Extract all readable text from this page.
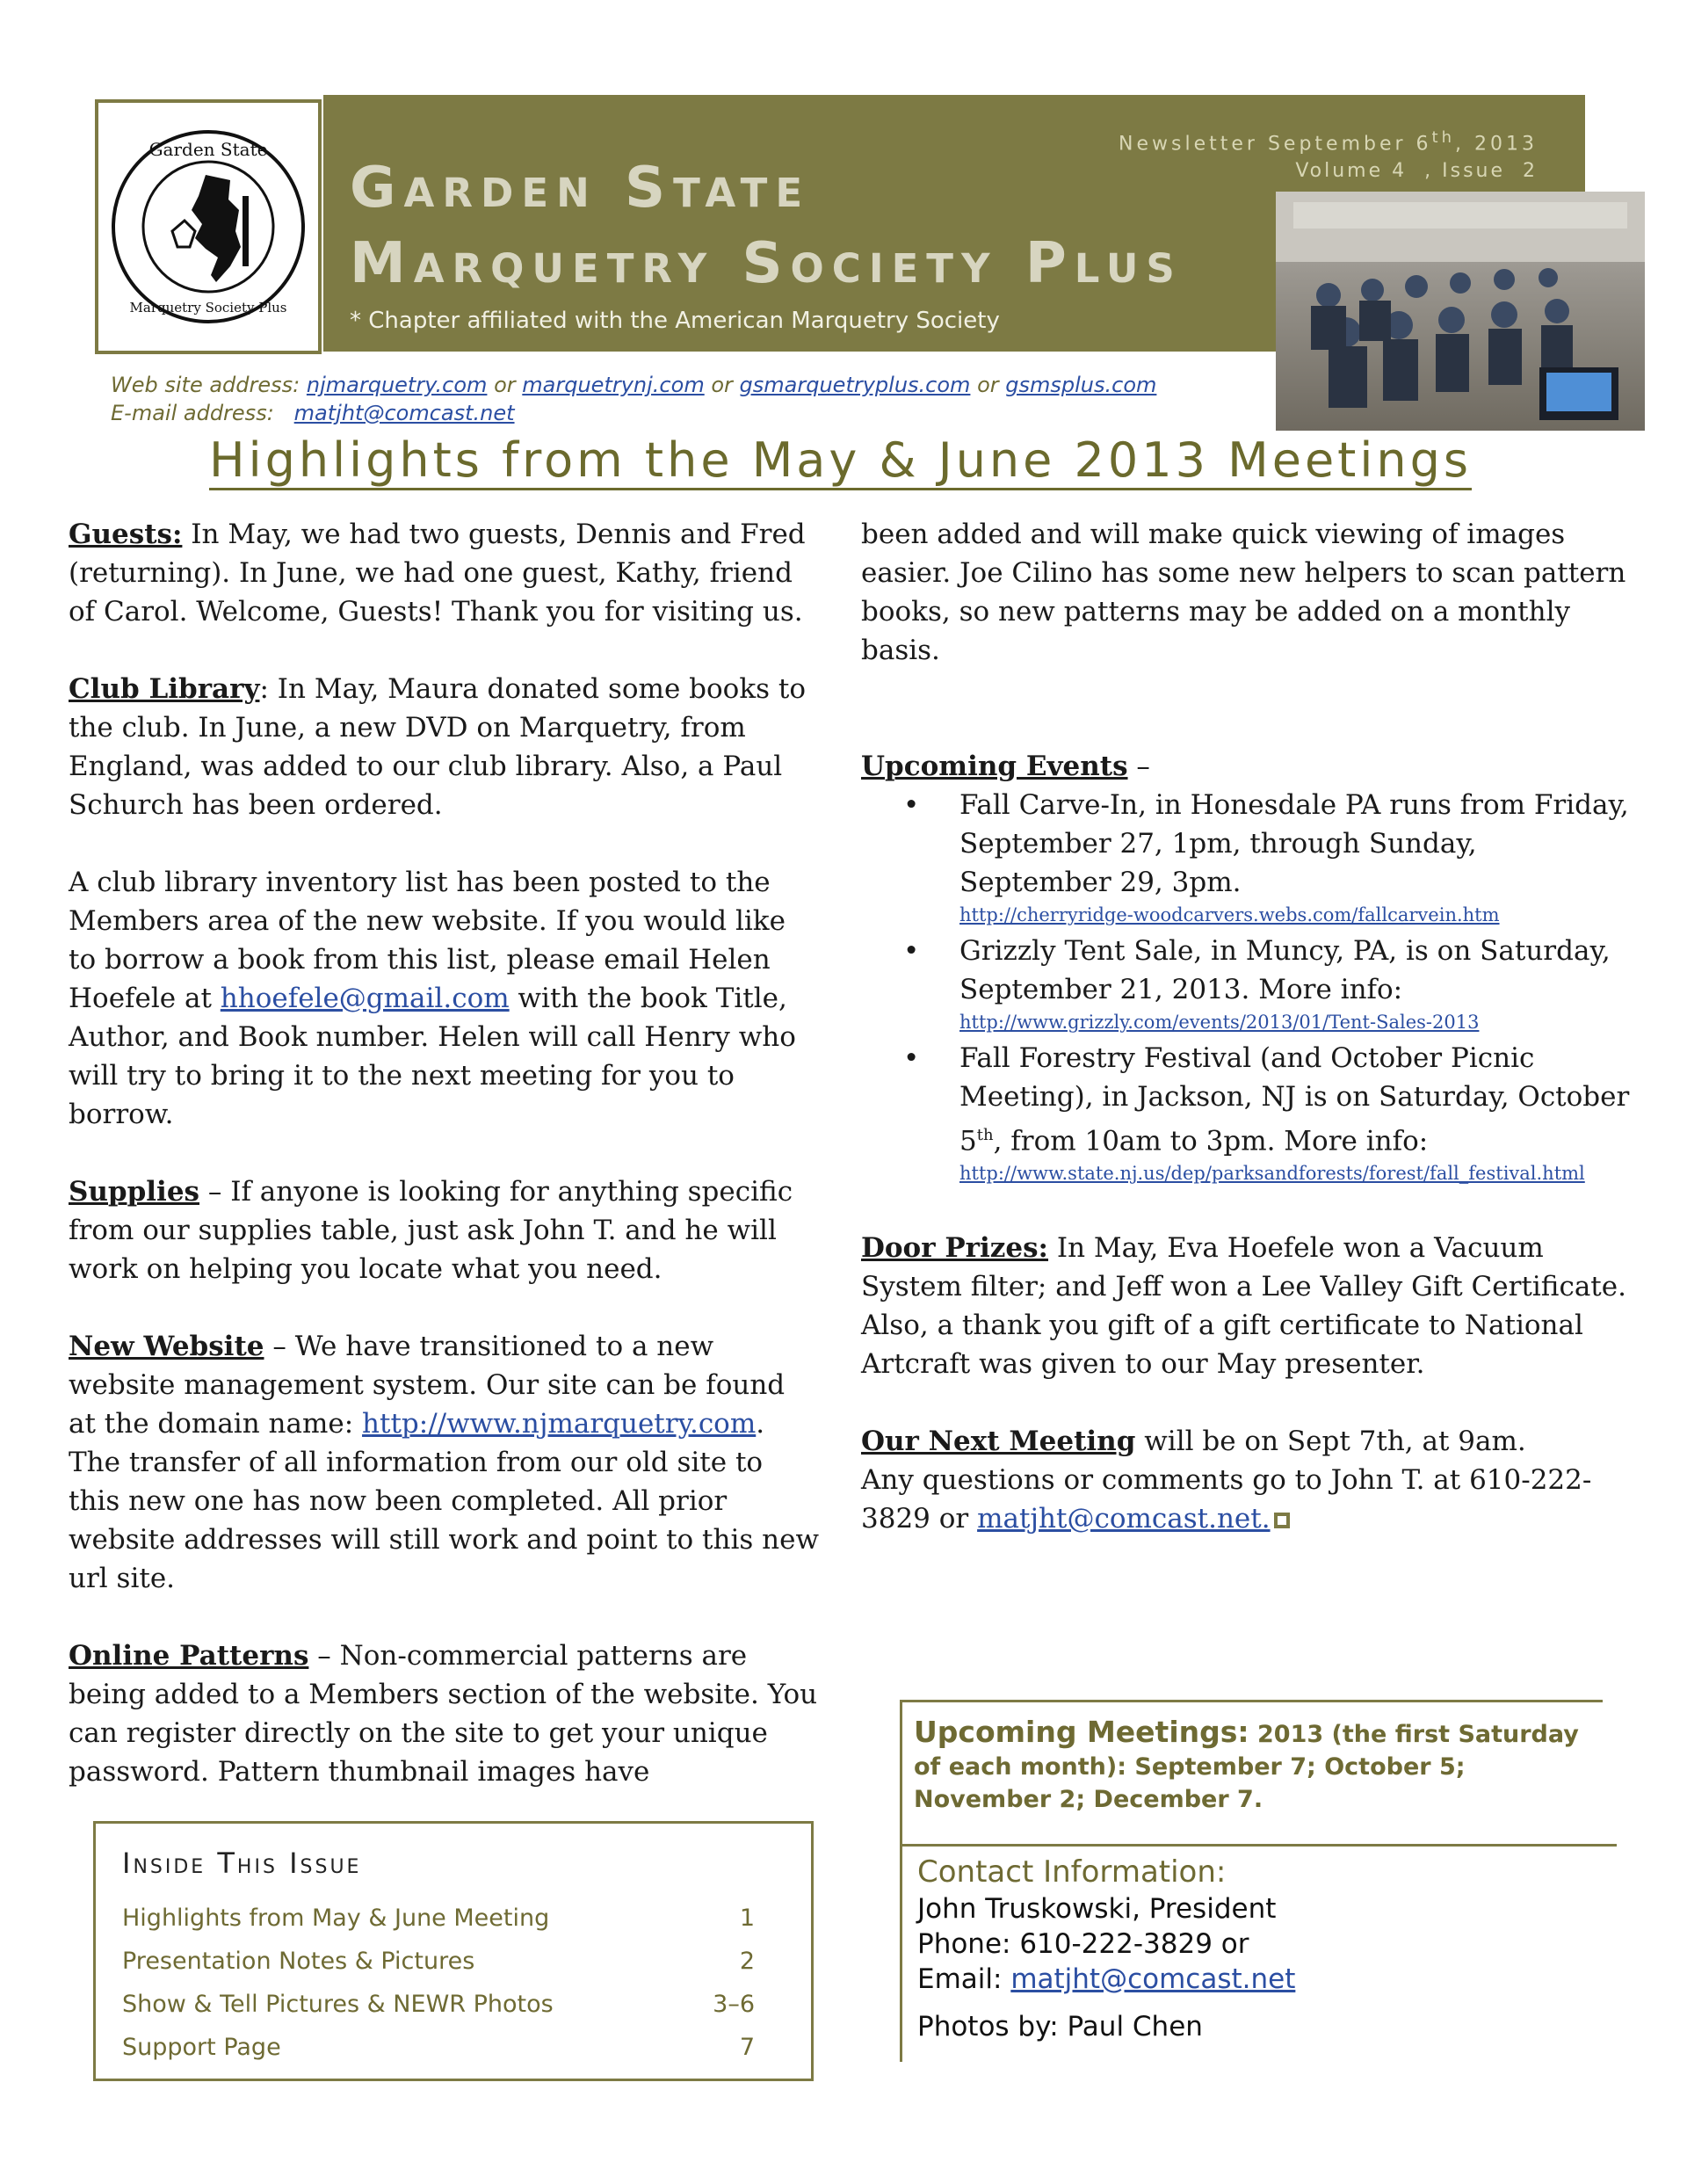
Garden State
Marquetry Society Plus
Newsletter September 6th, 2013
Volume 4  , Issue  2
Garden State
Marquetry Society Plus
* Chapter affiliated with the American Marquetry Society
Web site address: njmarquetry.com or marquetrynj.com or gsmarquetryplus.com or gsmsplus.com
E-mail address: matjht@comcast.net
Highlights from the May & June 2013 Meetings

Guests: In May, we had two guests, Dennis and Fred (returning). In June, we had one guest, Kathy, friend of Carol. Welcome, Guests! Thank you for visiting us.

Club Library: In May, Maura donated some books to the club. In June, a new DVD on Marquetry, from England, was added to our club library. Also, a Paul Schurch has been ordered.

A club library inventory list has been posted to the Members area of the new website. If you would like to borrow a book from this list, please email Helen Hoefele at hhoefele@gmail.com with the book Title, Author, and Book number. Helen will call Henry who will try to bring it to the next meeting for you to borrow.

Supplies – If anyone is looking for anything specific from our supplies table, just ask John T. and he will work on helping you locate what you need.

New Website – We have transitioned to a new website management system. Our site can be found at the domain name: http://www.njmarquetry.com. The transfer of all information from our old site to this new one has now been completed. All prior website addresses will still work and point to this new url site.

Online Patterns – Non-commercial patterns are being added to a Members section of the website. You can register directly on the site to get your unique password. Pattern thumbnail images have

been added and will make quick viewing of images easier. Joe Cilino has some new helpers to scan pattern books, so new patterns may be added on a monthly basis.

Upcoming Events –

• Fall Carve-In, in Honesdale PA runs from Friday, September 27, 1pm, through Sunday, September 29, 3pm.
http://cherryridge-woodcarvers.webs.com/fallcarvein.htm
• Grizzly Tent Sale, in Muncy, PA, is on Saturday, September 21, 2013. More info:
http://www.grizzly.com/events/2013/01/Tent-Sales-2013
• Fall Forestry Festival (and October Picnic Meeting), in Jackson, NJ is on Saturday, October 5th, from 10am to 3pm. More info:
http://www.state.nj.us/dep/parksandforests/forest/fall_festival.html

Door Prizes: In May, Eva Hoefele won a Vacuum System filter; and Jeff won a Lee Valley Gift Certificate. Also, a thank you gift of a gift certificate to National Artcraft was given to our May presenter.

Our Next Meeting will be on Sept 7th, at 9am.

Any questions or comments go to John T. at 610-222-3829 or matjht@comcast.net.

Inside This Issue
Highlights from May & June Meeting	1
Presentation Notes & Pictures	2
Show & Tell Pictures & NEWR Photos	3–6
Support Page	7
Upcoming Meetings: 2013 (the first Saturday of each month): September 7; October 5; November 2; December 7.
Contact Information:
John Truskowski, President
Phone: 610-222-3829 or
Email: matjht@comcast.net
Photos by: Paul Chen
